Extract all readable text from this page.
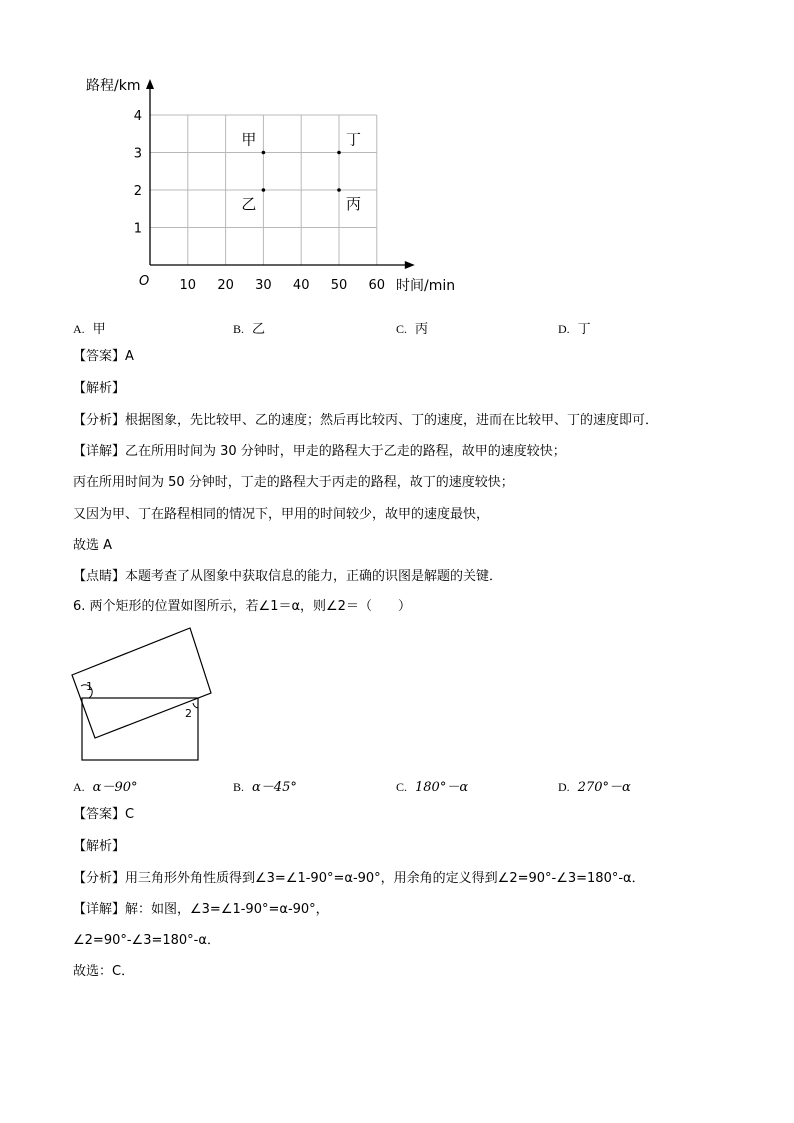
10 20 30 40 50 60
1
2
3
4
甲
乙
丁
丙
路程/km
时间/min
O
A. 甲	B. 乙	C. 丙	D. 丁
【答案】A
【解析】
【分析】根据图象，先比较甲、乙的速度；然后再比较丙、丁的速度，进而在比较甲、丁的速度即可．
【详解】乙在所用时间为 30 分钟时，甲走的路程大于乙走的路程，故甲的速度较快；
丙在所用时间为 50 分钟时，丁走的路程大于丙走的路程，故丁的速度较快；
又因为甲、丁在路程相同的情况下，甲用的时间较少，故甲的速度最快，
故选 A
【点睛】本题考查了从图象中获取信息的能力，正确的识图是解题的关键．
6. 两个矩形的位置如图所示，若∠1＝α，则∠2＝（　　）
1
2
A. α－90°	B. α－45°	C. 180°－α	D. 270°－α
【答案】C
【解析】
【分析】用三角形外角性质得到∠3=∠1-90°=α-90°，用余角的定义得到∠2=90°-∠3=180°-α．
【详解】解：如图，∠3=∠1-90°=α-90°，
∠2=90°-∠3=180°-α．
故选：C．
